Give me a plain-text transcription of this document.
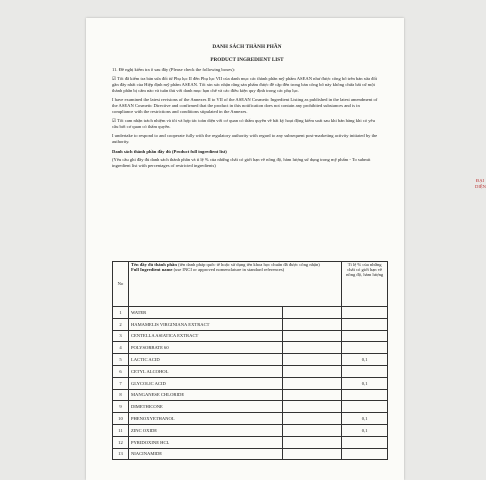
DANH SÁCH THÀNH PHẦN
PRODUCT INGREDIENT LIST

11. Đề nghị kiểm tra ô sau đây (Please check the following boxes):

☑ Tôi đã kiểm tra bản sửa đổi từ Phụ lục II đến Phụ lục VII của danh mục các thành phần mỹ phẩm ASEAN như được công bố trên bản sửa đổi gần đây nhất của Hiệp định mỹ phẩm ASEAN. Tôi xin xác nhận rằng sản phẩm được đề cập đến trong bản công bố này không chứa bất cứ một thành phần bị cấm nào và tuân thủ với danh mục hạn chế và các điều kiện quy định trong các phụ lục.

I have examined the latest revisions of the Annexes II to VII of the ASEAN Cosmetic Ingredient Listing as published in the latest amendment of the ASEAN Cosmetic Directive and confirmed that the product in this notification does not contain any prohibited substances and is in compliance with the restrictions and conditions stipulated in the Annexes.

☑ Tôi cam nhận trách nhiệm và tôi và hợp tác toàn diện với cơ quan có thẩm quyền về bất kỳ hoạt động kiểm soát sau khi bán hàng khi có yêu cầu bởi cơ quan có thẩm quyền.

I undertake to respond to and cooperate fully with the regulatory authority with regard to any subsequent post-marketing activity initiated by the authority.

Danh sách thành phần đầy đủ (Product full ingredient list)

(Yêu cầu ghi đầy đủ danh sách thành phần và tỉ lệ % của những chất có giới hạn về nồng độ, hàm lượng sử dụng trong mỹ phẩm - To submit ingredient list with percentages of restricted ingredients)

No	Tên đầy đủ thành phần (tên danh pháp quốc tế hoặc sử dụng tên khoa học chuẩn đã được công nhận)
Full Ingredient name (use INCI or approved nomenclature in standard references)		Tỉ lệ % của những chất có giới hạn về nồng độ, hàm lượng
1	WATER		
2	HAMAMELIS VIRGINIANA EXTRACT		
3	CENTELLA ASIATICA EXTRACT		
4	POLYSORBATE 60		
5	LACTIC ACID		0,1
6	CETYL ALCOHOL		
7	GLYCOLIC ACID		0,1
8	MANGANESE CHLORIDE		
9	DIMETHICONE		
10	PHENOXYETHANOL		0,1
11	ZINC OXIDE		0,1
12	PYRIDOXINE HCL		
13	NIACINAMIDE		
ĐẠI DIỆN
